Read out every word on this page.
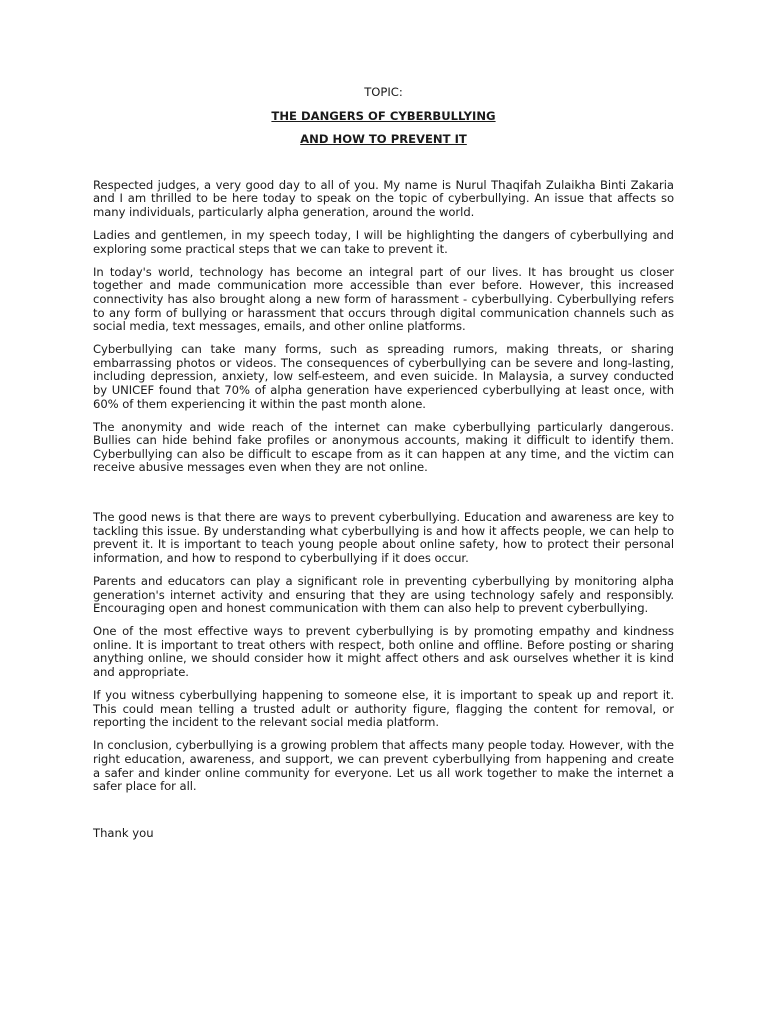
TOPIC:
THE DANGERS OF CYBERBULLYING
AND HOW TO PREVENT IT

Respected judges, a very good day to all of you. My name is Nurul Thaqifah Zulaikha Binti Zakaria and I am thrilled to be here today to speak on the topic of cyberbullying. An issue that affects so many individuals, particularly alpha generation, around the world.

Ladies and gentlemen, in my speech today, I will be highlighting the dangers of cyberbullying and exploring some practical steps that we can take to prevent it.

In today's world, technology has become an integral part of our lives. It has brought us closer together and made communication more accessible than ever before. However, this increased connectivity has also brought along a new form of harassment - cyberbullying. Cyberbullying refers to any form of bullying or harassment that occurs through digital communication channels such as social media, text messages, emails, and other online platforms.

Cyberbullying can take many forms, such as spreading rumors, making threats, or sharing embarrassing photos or videos. The consequences of cyberbullying can be severe and long-lasting, including depression, anxiety, low self-esteem, and even suicide. In Malaysia, a survey conducted by UNICEF found that 70% of alpha generation have experienced cyberbullying at least once, with 60% of them experiencing it within the past month alone.

The anonymity and wide reach of the internet can make cyberbullying particularly dangerous. Bullies can hide behind fake profiles or anonymous accounts, making it difficult to identify them. Cyberbullying can also be difficult to escape from as it can happen at any time, and the victim can receive abusive messages even when they are not online.

The good news is that there are ways to prevent cyberbullying. Education and awareness are key to tackling this issue. By understanding what cyberbullying is and how it affects people, we can help to prevent it. It is important to teach young people about online safety, how to protect their personal information, and how to respond to cyberbullying if it does occur.

Parents and educators can play a significant role in preventing cyberbullying by monitoring alpha generation's internet activity and ensuring that they are using technology safely and responsibly. Encouraging open and honest communication with them can also help to prevent cyberbullying.

One of the most effective ways to prevent cyberbullying is by promoting empathy and kindness online. It is important to treat others with respect, both online and offline. Before posting or sharing anything online, we should consider how it might affect others and ask ourselves whether it is kind and appropriate.

If you witness cyberbullying happening to someone else, it is important to speak up and report it. This could mean telling a trusted adult or authority figure, flagging the content for removal, or reporting the incident to the relevant social media platform.

In conclusion, cyberbullying is a growing problem that affects many people today. However, with the right education, awareness, and support, we can prevent cyberbullying from happening and create a safer and kinder online community for everyone. Let us all work together to make the internet a safer place for all.

Thank you
